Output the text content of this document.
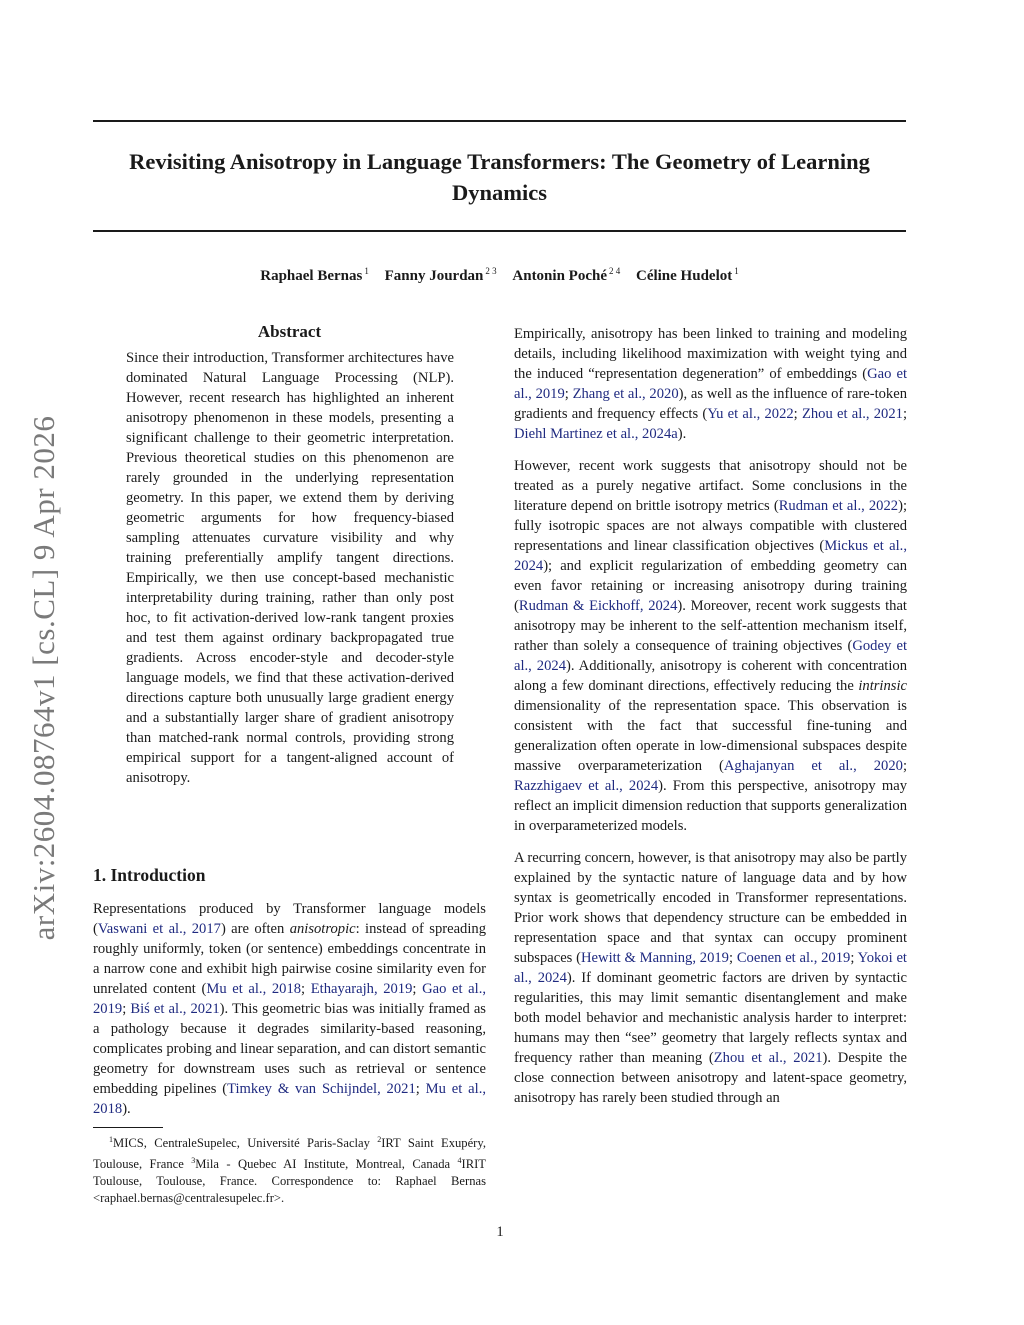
arXiv:2604.08764v1 [cs.CL] 9 Apr 2026
Revisiting Anisotropy in Language Transformers: The Geometry of Learning Dynamics
Raphael Bernas $^1$ Fanny Jourdan $^{2 3}$ Antonin Poché $^{2 4}$ Céline Hudelot $^1$
Abstract
Since their introduction, Transformer architectures have dominated Natural Language Processing (NLP). However, recent research has highlighted an inherent anisotropy phenomenon in these models, presenting a significant challenge to their geometric interpretation. Previous theoretical studies on this phenomenon are rarely grounded in the underlying representation geometry. In this paper, we extend them by deriving geometric arguments for how frequency-biased sampling attenuates curvature visibility and why training preferentially amplify tangent directions. Empirically, we then use concept-based mechanistic interpretability during training, rather than only post hoc, to fit activation-derived low-rank tangent proxies and test them against ordinary backpropagated true gradients. Across encoder-style and decoder-style language models, we find that these activation-derived directions capture both unusually large gradient energy and a substantially larger share of gradient anisotropy than matched-rank normal controls, providing strong empirical support for a tangent-aligned account of anisotropy.
1. Introduction
Representations produced by Transformer language models (Vaswani et al., 2017) are often anisotropic: instead of spreading roughly uniformly, token (or sentence) embeddings concentrate in a narrow cone and exhibit high pairwise cosine similarity even for unrelated content (Mu et al., 2018; Ethayarajh, 2019; Gao et al., 2019; Biś et al., 2021). This geometric bias was initially framed as a pathology because it degrades similarity-based reasoning, complicates probing and linear separation, and can distort semantic geometry for downstream uses such as retrieval or sentence embedding pipelines (Timkey & van Schijndel, 2021; Mu et al., 2018).
$^1$MICS, CentraleSupelec, Université Paris-Saclay $^2$IRT Saint Exupéry, Toulouse, France $^3$Mila - Quebec AI Institute, Montreal, Canada $^4$IRIT Toulouse, Toulouse, France. Correspondence to: Raphael Bernas <raphael.bernas@centralesupelec.fr>.

Empirically, anisotropy has been linked to training and modeling details, including likelihood maximization with weight tying and the induced “representation degeneration” of embeddings (Gao et al., 2019; Zhang et al., 2020), as well as the influence of rare-token gradients and frequency effects (Yu et al., 2022; Zhou et al., 2021; Diehl Martinez et al., 2024a).

However, recent work suggests that anisotropy should not be treated as a purely negative artifact. Some conclusions in the literature depend on brittle isotropy metrics (Rudman et al., 2022); fully isotropic spaces are not always compatible with clustered representations and linear classification objectives (Mickus et al., 2024); and explicit regularization of embedding geometry can even favor retaining or increasing anisotropy during training (Rudman & Eickhoff, 2024). Moreover, recent work suggests that anisotropy may be inherent to the self-attention mechanism itself, rather than solely a consequence of training objectives (Godey et al., 2024). Additionally, anisotropy is coherent with concentration along a few dominant directions, effectively reducing the intrinsic dimensionality of the representation space. This observation is consistent with the fact that successful fine-tuning and generalization often operate in low-dimensional subspaces despite massive overparameterization (Aghajanyan et al., 2020; Razzhigaev et al., 2024). From this perspective, anisotropy may reflect an implicit dimension reduction that supports generalization in overparameterized models.

A recurring concern, however, is that anisotropy may also be partly explained by the syntactic nature of language data and by how syntax is geometrically encoded in Transformer representations. Prior work shows that dependency structure can be embedded in representation space and that syntax can occupy prominent subspaces (Hewitt & Manning, 2019; Coenen et al., 2019; Yokoi et al., 2024). If dominant geometric factors are driven by syntactic regularities, this may limit semantic disentanglement and make both model behavior and mechanistic analysis harder to interpret: humans may then “see” geometry that largely reflects syntax and frequency rather than meaning (Zhou et al., 2021). Despite the close connection between anisotropy and latent-space geometry, anisotropy has rarely been studied through an

1
